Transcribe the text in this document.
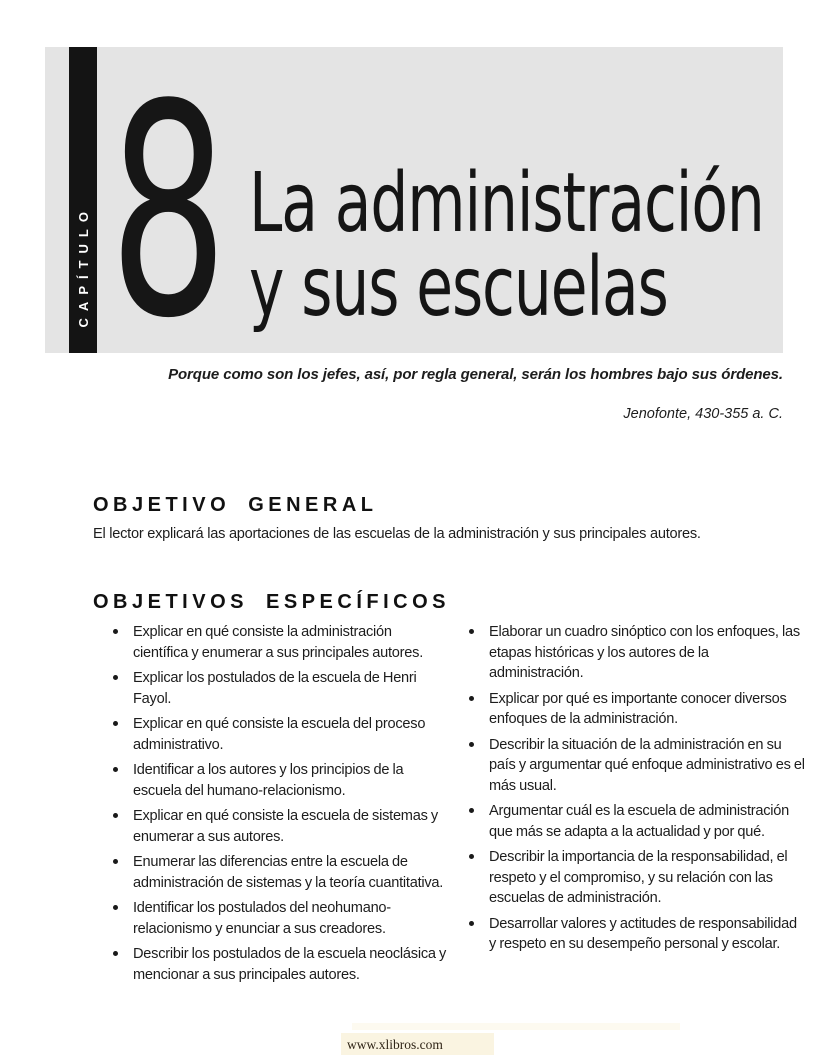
CAPÍTULO 8 La administración
y sus escuelas
Porque como son los jefes, así, por regla general, serán los hombres bajo sus órdenes.
Jenofonte, 430-355 a. C.
OBJETIVO GENERAL
El lector explicará las aportaciones de las escuelas de la administración y sus principales autores.
OBJETIVOS ESPECÍFICOS
Explicar en qué consiste la administración científica y enumerar a sus principales autores.
Explicar los postulados de la escuela de Henri Fayol.
Explicar en qué consiste la escuela del proceso administrativo.
Identificar a los autores y los principios de la escuela del humano-relacionismo.
Explicar en qué consiste la escuela de sistemas y enumerar a sus autores.
Enumerar las diferencias entre la escuela de administración de sistemas y la teoría cuantitativa.
Identificar los postulados del neohumano-relacionismo y enunciar a sus creadores.
Describir los postulados de la escuela neoclásica y mencionar a sus principales autores.
Elaborar un cuadro sinóptico con los enfoques, las etapas históricas y los autores de la administración.
Explicar por qué es importante conocer diversos enfoques de la administración.
Describir la situación de la administración en su país y argumentar qué enfoque administrativo es el más usual.
Argumentar cuál es la escuela de administración que más se adapta a la actualidad y por qué.
Describir la importancia de la responsabilidad, el respeto y el compromiso, y su relación con las escuelas de administración.
Desarrollar valores y actitudes de responsabilidad y respeto en su desempeño personal y escolar.
www.xlibros.com
